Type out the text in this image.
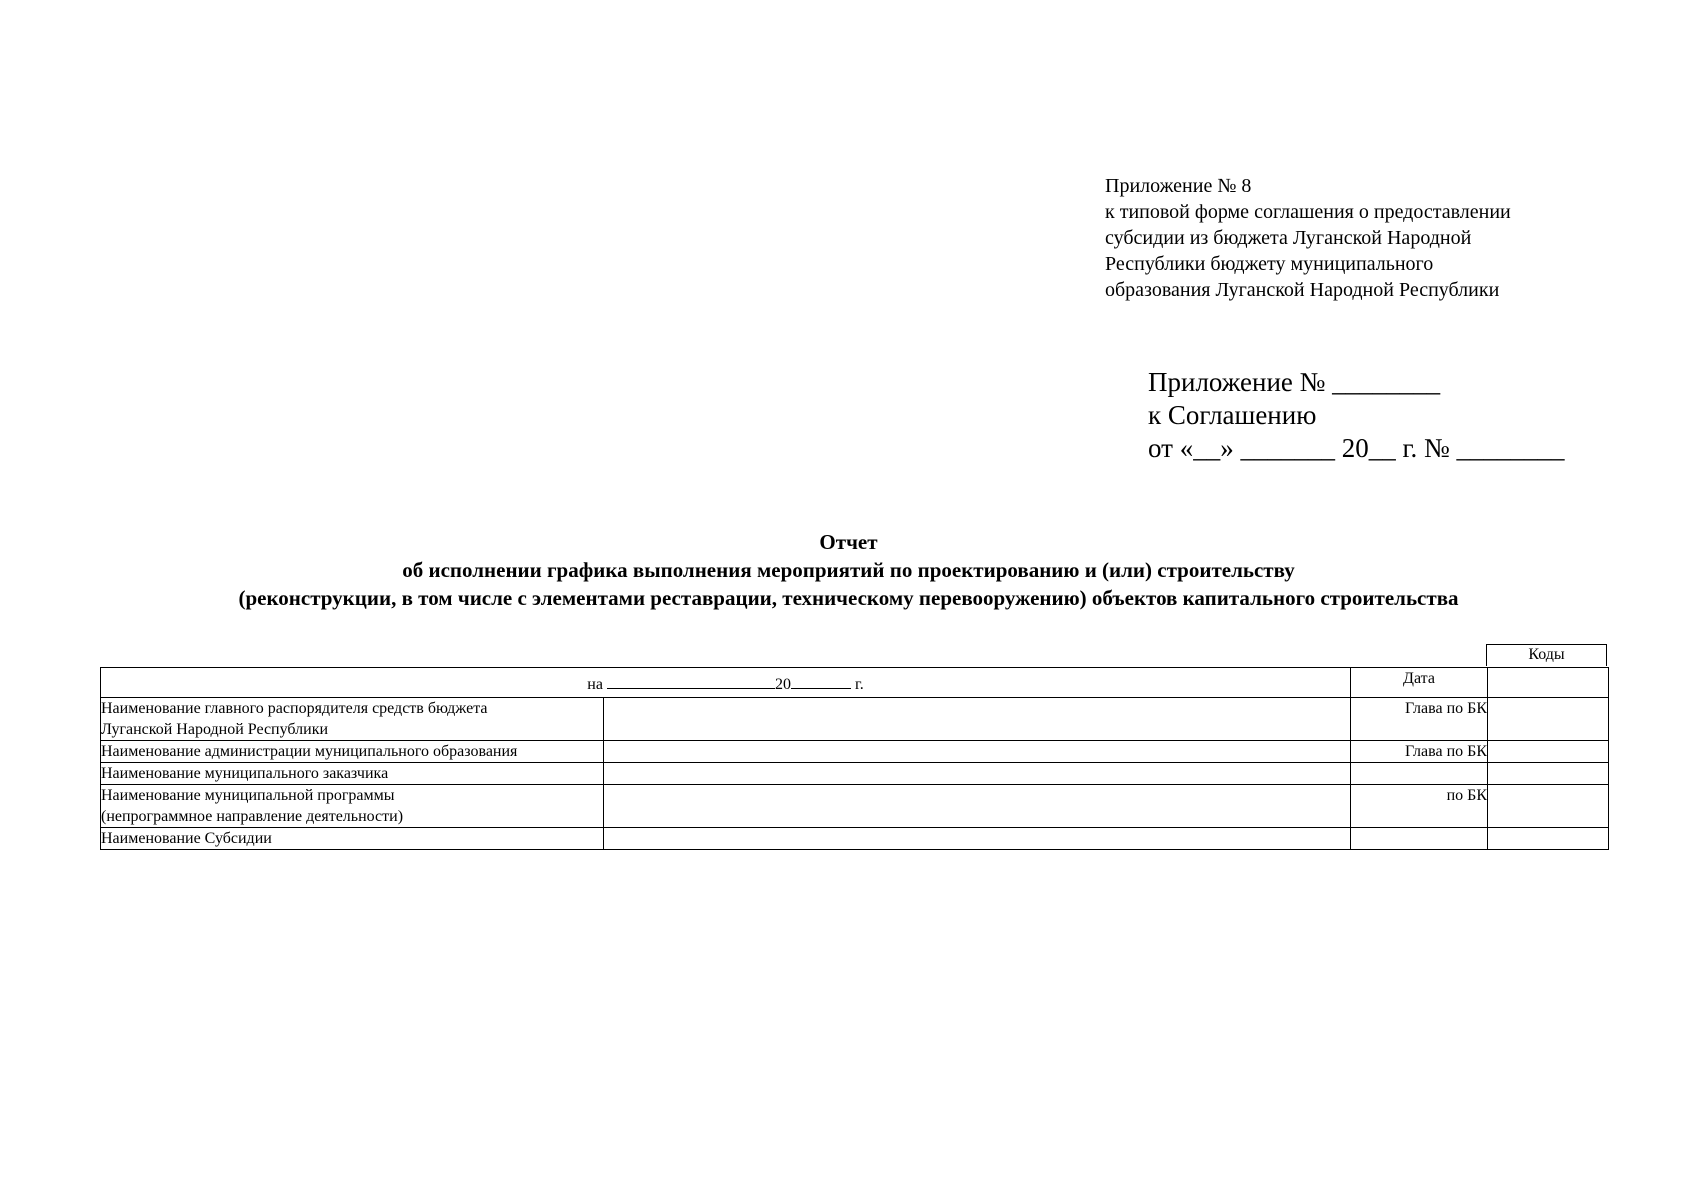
Приложение № 8
к типовой форме соглашения о предоставлении
субсидии из бюджета Луганской Народной
Республики бюджету муниципального
образования Луганской Народной Республики
Приложение № ________
к Соглашению
от «__» _______ 20__ г. № ________
Отчет
об исполнении графика выполнения мероприятий по проектированию и (или) строительству
(реконструкции, в том числе с элементами реставрации, техническому перевооружению) объектов капитального строительства
Коды
на 20 г.		Дата	

Наименование главного распорядителя средств бюджета
Луганской Народной Республики		Глава по БК	

Наименование администрации муниципального образования		Глава по БК	

Наименование муниципального заказчика			

Наименование муниципальной программы
(непрограммное направление деятельности)		по БК	

Наименование Субсидии			
